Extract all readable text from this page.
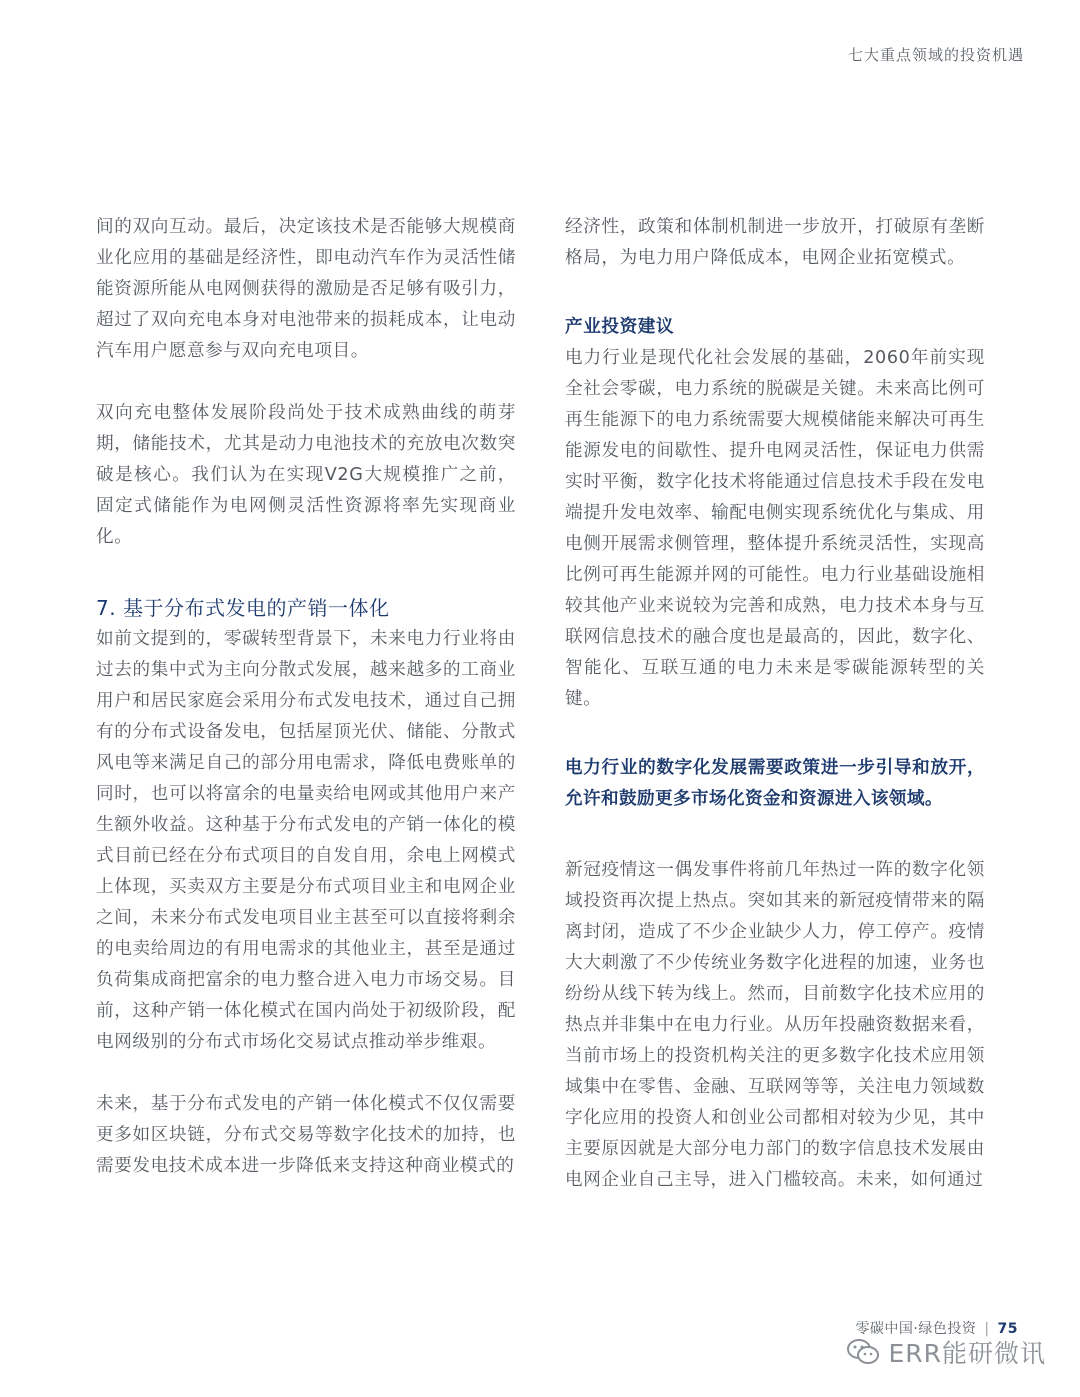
七大重点领域的投资机遇

间的双向互动。最后，决定该技术是否能够大规模商业化应用的基础是经济性，即电动汽车作为灵活性储能资源所能从电网侧获得的激励是否足够有吸引力，超过了双向充电本身对电池带来的损耗成本，让电动汽车用户愿意参与双向充电项目。

双向充电整体发展阶段尚处于技术成熟曲线的萌芽期，储能技术，尤其是动力电池技术的充放电次数突破是核心。我们认为在实现V2G大规模推广之前，固定式储能作为电网侧灵活性资源将率先实现商业化。

7. 基于分布式发电的产销一体化

如前文提到的，零碳转型背景下，未来电力行业将由过去的集中式为主向分散式发展，越来越多的工商业用户和居民家庭会采用分布式发电技术，通过自己拥有的分布式设备发电，包括屋顶光伏、储能、分散式风电等来满足自己的部分用电需求，降低电费账单的同时，也可以将富余的电量卖给电网或其他用户来产生额外收益。这种基于分布式发电的产销一体化的模式目前已经在分布式项目的自发自用，余电上网模式上体现，买卖双方主要是分布式项目业主和电网企业之间，未来分布式发电项目业主甚至可以直接将剩余的电卖给周边的有用电需求的其他业主，甚至是通过负荷集成商把富余的电力整合进入电力市场交易。目前，这种产销一体化模式在国内尚处于初级阶段，配电网级别的分布式市场化交易试点推动举步维艰。

未来，基于分布式发电的产销一体化模式不仅仅需要更多如区块链，分布式交易等数字化技术的加持，也需要发电技术成本进一步降低来支持这种商业模式的

经济性，政策和体制机制进一步放开，打破原有垄断格局，为电力用户降低成本，电网企业拓宽模式。

产业投资建议

电力行业是现代化社会发展的基础，2060年前实现全社会零碳，电力系统的脱碳是关键。未来高比例可再生能源下的电力系统需要大规模储能来解决可再生能源发电的间歇性、提升电网灵活性，保证电力供需实时平衡，数字化技术将能通过信息技术手段在发电端提升发电效率、输配电侧实现系统优化与集成、用电侧开展需求侧管理，整体提升系统灵活性，实现高比例可再生能源并网的可能性。电力行业基础设施相较其他产业来说较为完善和成熟，电力技术本身与互联网信息技术的融合度也是最高的，因此，数字化、智能化、互联互通的电力未来是零碳能源转型的关键。

电力行业的数字化发展需要政策进一步引导和放开，允许和鼓励更多市场化资金和资源进入该领域。

新冠疫情这一偶发事件将前几年热过一阵的数字化领域投资再次提上热点。突如其来的新冠疫情带来的隔离封闭，造成了不少企业缺少人力，停工停产。疫情大大刺激了不少传统业务数字化进程的加速，业务也纷纷从线下转为线上。然而，目前数字化技术应用的热点并非集中在电力行业。从历年投融资数据来看，当前市场上的投资机构关注的更多数字化技术应用领域集中在零售、金融、互联网等等，关注电力领域数字化应用的投资人和创业公司都相对较为少见，其中主要原因就是大部分电力部门的数字信息技术发展由电网企业自己主导，进入门槛较高。未来，如何通过

零碳中国·绿色投资 | 75
ERR能研微讯
